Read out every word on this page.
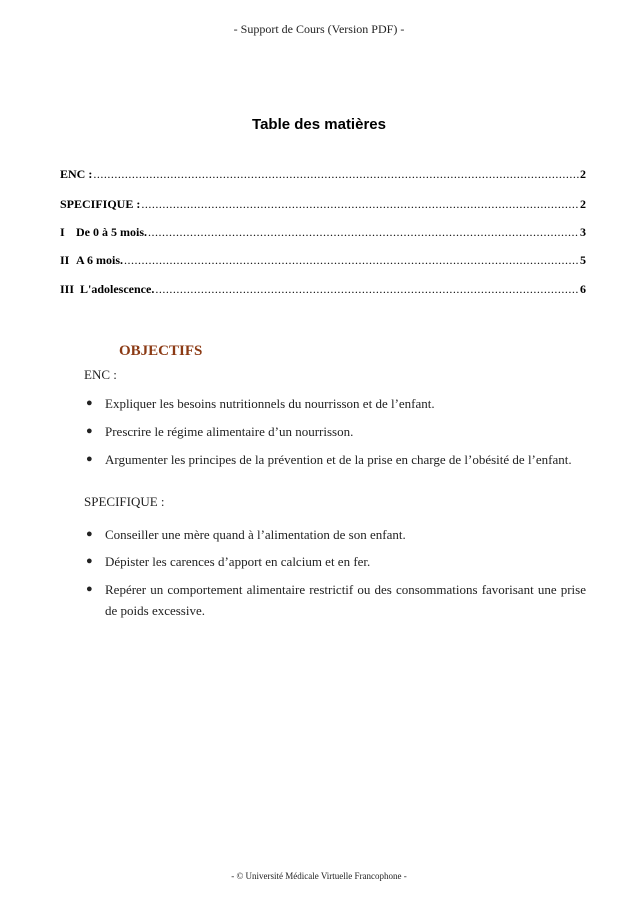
- Support de Cours (Version PDF) -
Table des matières
ENC : .....	2
SPECIFIQUE : .....	2
I De 0 à 5 mois. .....	3
II A 6 mois. .....	5
III L'adolescence. .....	6
OBJECTIFS
ENC :
● Expliquer les besoins nutritionnels du nourrisson et de l’enfant.
● Prescrire le régime alimentaire d’un nourrisson.
● Argumenter les principes de la prévention et de la prise en charge de l’obésité de l’enfant.
SPECIFIQUE :
● Conseiller une mère quand à l’alimentation de son enfant.
● Dépister les carences d’apport en calcium et en fer.
● Repérer un comportement alimentaire restrictif ou des consommations favorisant une prise de poids excessive.
- © Université Médicale Virtuelle Francophone -
